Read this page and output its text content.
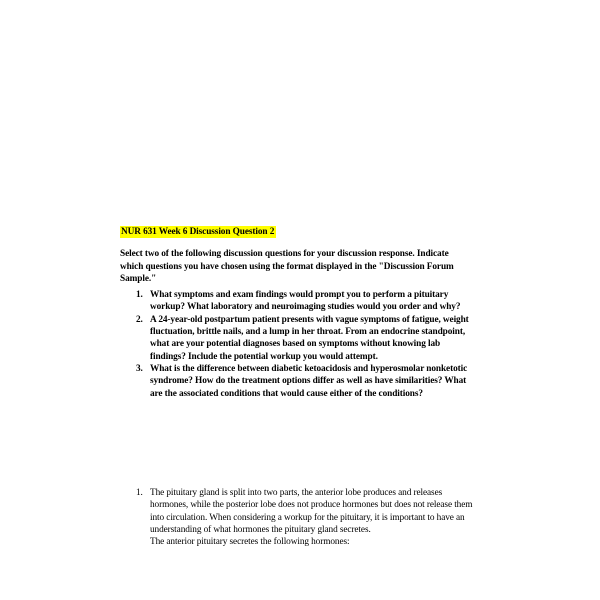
NUR 631 Week 6 Discussion Question 2

Select two of the following discussion questions for your discussion response. Indicate which questions you have chosen using the format displayed in the "Discussion Forum Sample."

1. What symptoms and exam findings would prompt you to perform a pituitary workup? What laboratory and neuroimaging studies would you order and why?
2. A 24-year-old postpartum patient presents with vague symptoms of fatigue, weight fluctuation, brittle nails, and a lump in her throat. From an endocrine standpoint, what are your potential diagnoses based on symptoms without knowing lab findings? Include the potential workup you would attempt.
3. What is the difference between diabetic ketoacidosis and hyperosmolar nonketotic syndrome? How do the treatment options differ as well as have similarities? What are the associated conditions that would cause either of the conditions?
1. The pituitary gland is split into two parts, the anterior lobe produces and releases hormones, while the posterior lobe does not produce hormones but does not release them into circulation. When considering a workup for the pituitary, it is important to have an understanding of what hormones the pituitary gland secretes.

The anterior pituitary secretes the following hormones:
